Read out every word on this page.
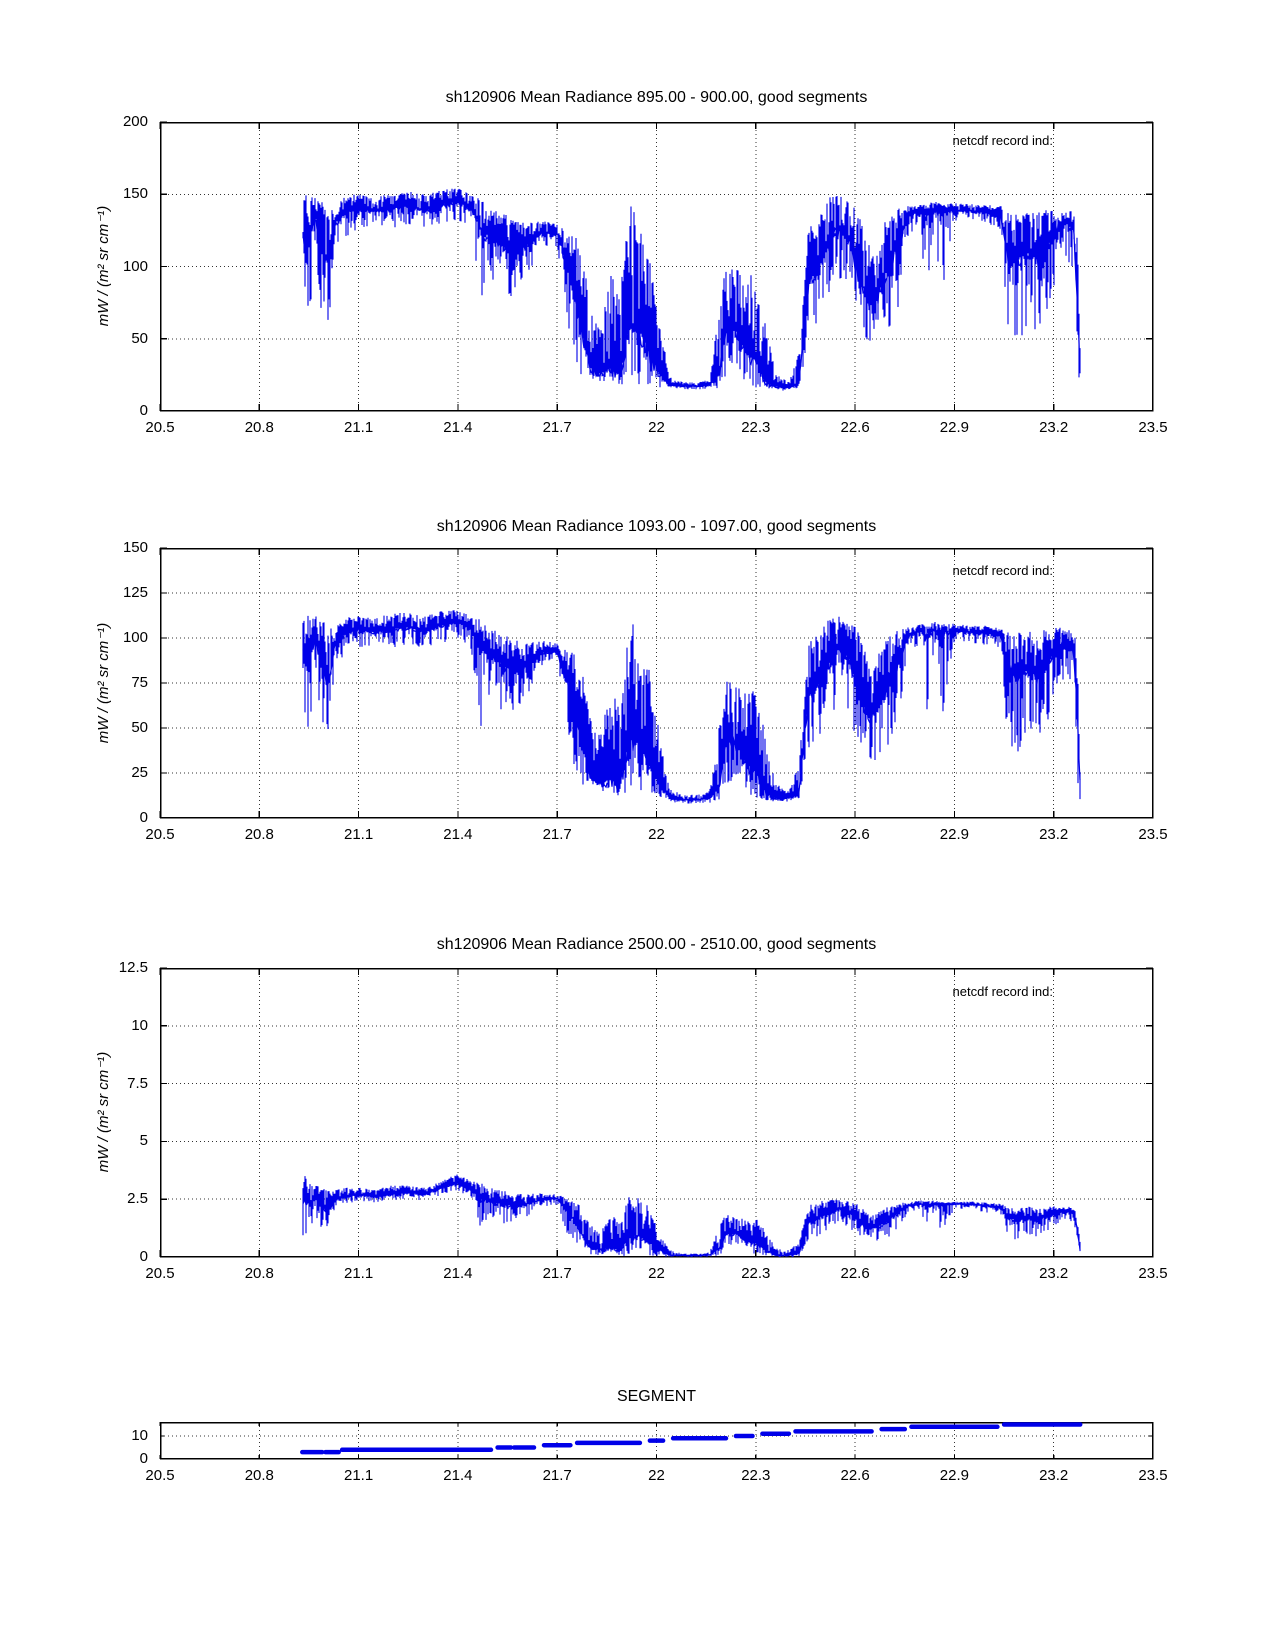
sh120906 Mean Radiance 895.00 - 900.00, good segments
sh120906 Mean Radiance 1093.00 - 1097.00, good segments
sh120906 Mean Radiance 2500.00 - 2510.00, good segments
SEGMENT
mW / (m² sr cm⁻¹)
mW / (m² sr cm⁻¹)
mW / (m² sr cm⁻¹)
netcdf record ind:
netcdf record ind:
netcdf record ind:
20.5	20.8	21.1	21.4	21.7	22	22.3	22.6	22.9	23.2	23.5
0
50
100
150
200
20.5	20.8	21.1	21.4	21.7	22	22.3	22.6	22.9	23.2	23.5
0
25
50
75
100
125
150
20.5	20.8	21.1	21.4	21.7	22	22.3	22.6	22.9	23.2	23.5
0
2.5
5
7.5
10
12.5
20.5	20.8	21.1	21.4	21.7	22	22.3	22.6	22.9	23.2	23.5
0
10
